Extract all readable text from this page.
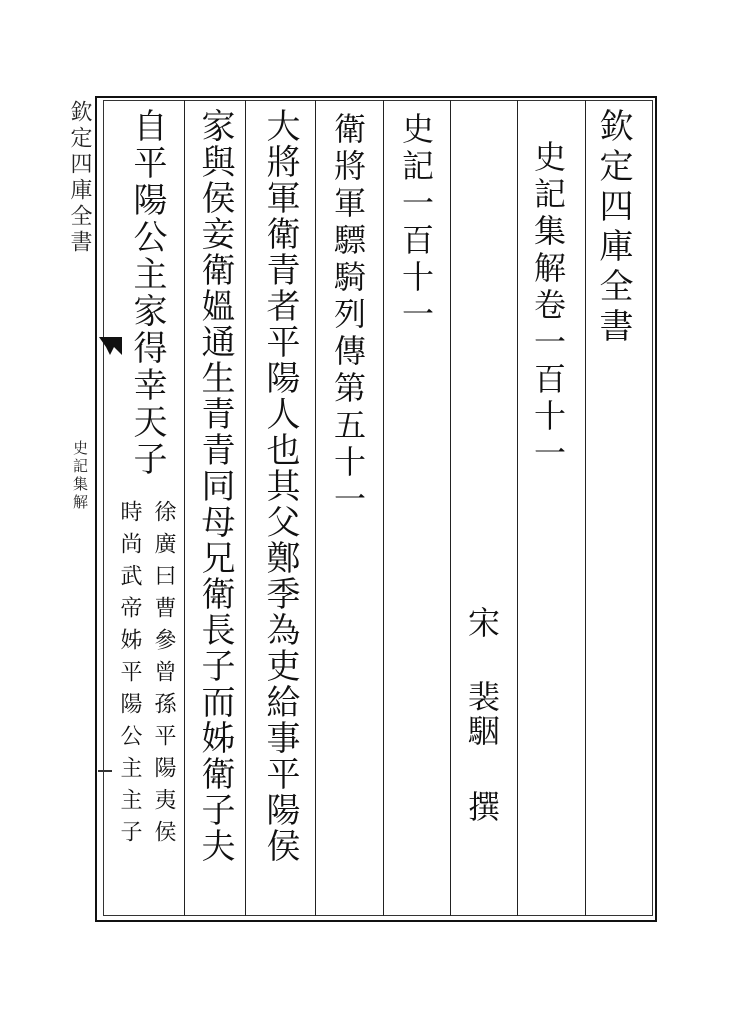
欽定四庫全書
史記集解卷一百十一
宋
裴駰
撰
史記一百十一
衛將軍驃騎列傳第五十一
大將軍衛青者平陽人也其父鄭季為吏給事平陽侯
家與侯妾衛媼通生青青同母兄衛長子而姊衛子夫
自平陽公主家得幸天子
徐廣曰曹參曾孫平陽夷侯
時尚武帝姊平陽公主主子
欽定四庫全書
史記集解
